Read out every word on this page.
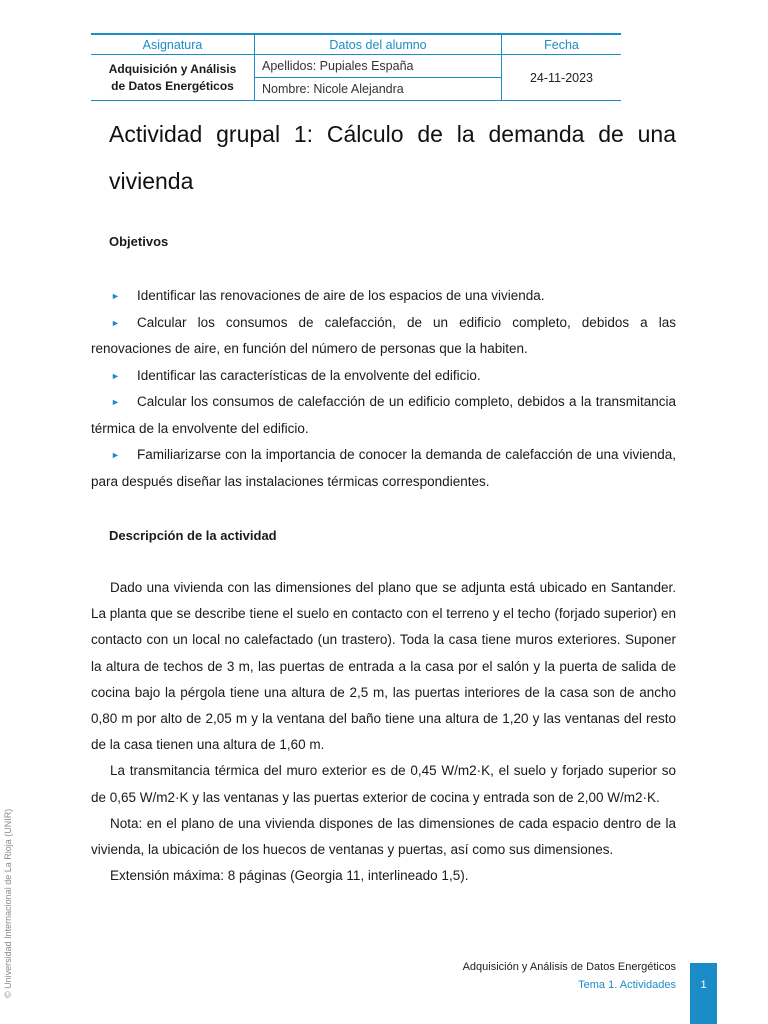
Asignatura	Datos del alumno	Fecha
Adquisición y Análisis
de Datos Energéticos	Apellidos: Pupiales España	24-11-2023
	Nombre: Nicole Alejandra	
Actividad grupal 1: Cálculo de la demanda de una vivienda
Objetivos
► Identificar las renovaciones de aire de los espacios de una vivienda.
► Calcular los consumos de calefacción, de un edificio completo, debidos a las renovaciones de aire, en función del número de personas que la habiten.
► Identificar las características de la envolvente del edificio.
► Calcular los consumos de calefacción de un edificio completo, debidos a la transmitancia térmica de la envolvente del edificio.
► Familiarizarse con la importancia de conocer la demanda de calefacción de una vivienda, para después diseñar las instalaciones térmicas correspondientes.
Descripción de la actividad

Dado una vivienda con las dimensiones del plano que se adjunta está ubicado en Santander. La planta que se describe tiene el suelo en contacto con el terreno y el techo (forjado superior) en contacto con un local no calefactado (un trastero). Toda la casa tiene muros exteriores. Suponer la altura de techos de 3 m, las puertas de entrada a la casa por el salón y la puerta de salida de cocina bajo la pérgola tiene una altura de 2,5 m, las puertas interiores de la casa son de ancho 0,80 m por alto de 2,05 m y la ventana del baño tiene una altura de 1,20 y las ventanas del resto de la casa tienen una altura de 1,60 m.

La transmitancia térmica del muro exterior es de 0,45 W/m2·K, el suelo y forjado superior so de 0,65 W/m2·K y las ventanas y las puertas exterior de cocina y entrada son de 2,00 W/m2·K.

Nota: en el plano de una vivienda dispones de las dimensiones de cada espacio dentro de la vivienda, la ubicación de los huecos de ventanas y puertas, así como sus dimensiones.

Extensión máxima: 8 páginas (Georgia 11, interlineado 1,5).

© Universidad Internacional de La Rioja (UNIR)	Adquisición y Análisis de Datos Energéticos
Tema 1. Actividades	1
